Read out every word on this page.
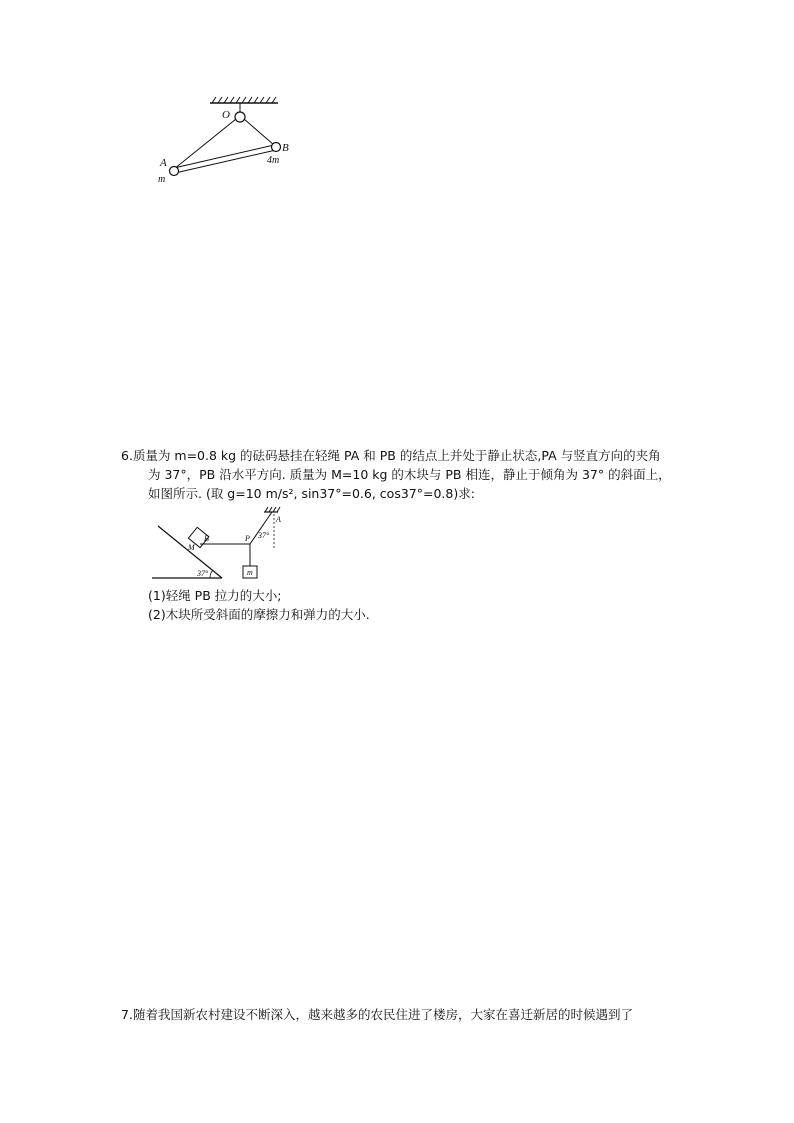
O
A
B
m
4m
6.质量为 m=0.8 kg 的砝码悬挂在轻绳 PA 和 PB 的结点上并处于静止状态,PA 与竖直方向的夹角
为 37°，PB 沿水平方向. 质量为 M=10 kg 的木块与 PB 相连，静止于倾角为 37° 的斜面上，
如图所示. (取 g=10 m/s², sin37°=0.6, cos37°=0.8)求:
37°
M
B	P
A
37°
m
(1)轻绳 PB 拉力的大小;
(2)木块所受斜面的摩擦力和弹力的大小.
7.随着我国新农村建设不断深入，越来越多的农民住进了楼房，大家在喜迁新居的时候遇到了
